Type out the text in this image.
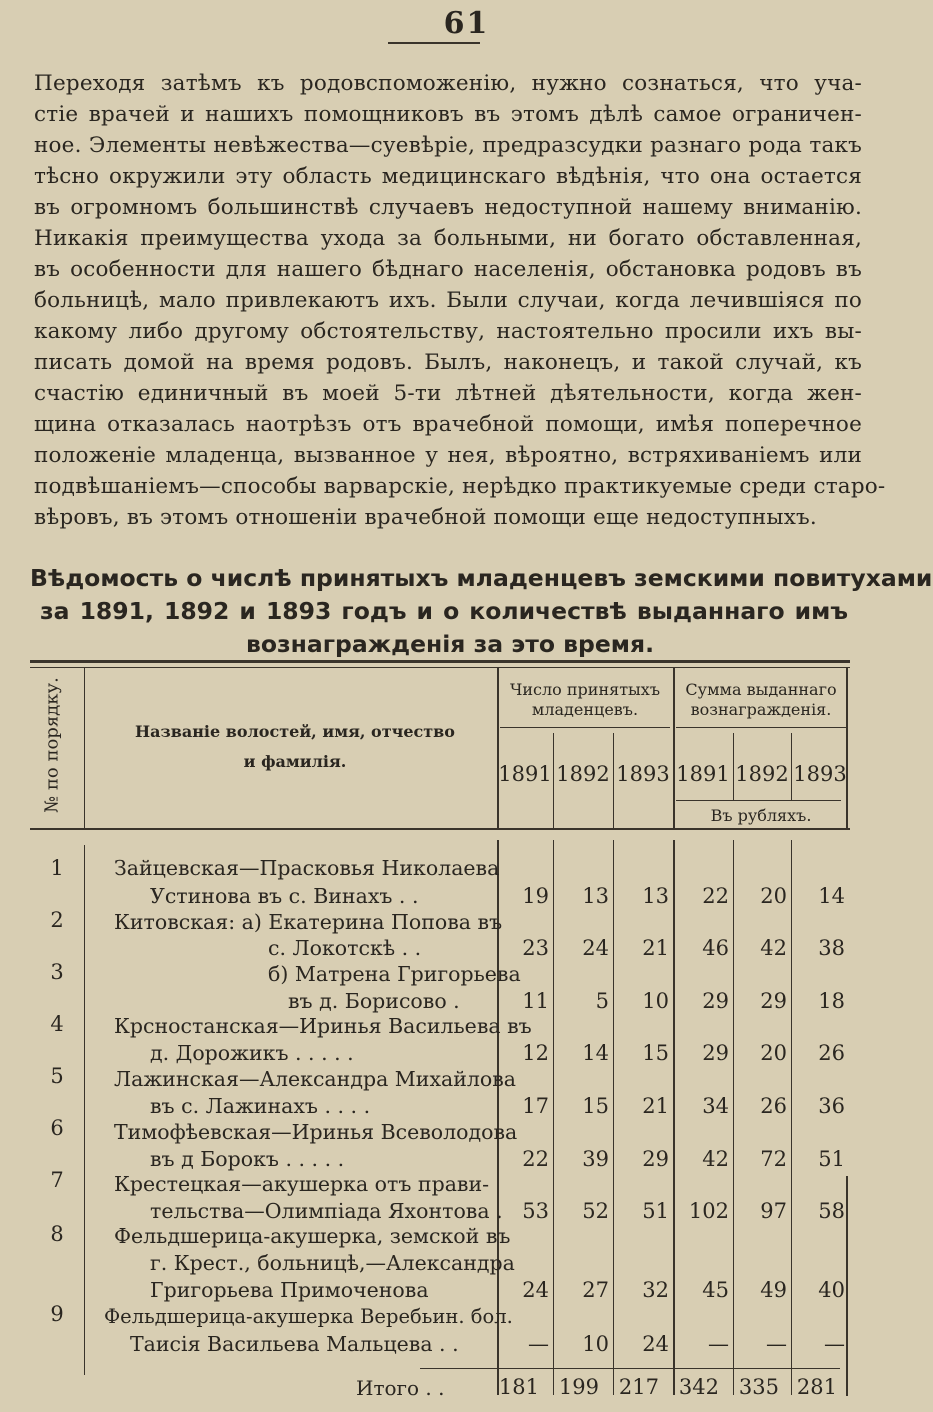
61
Переходя затѣмъ къ родовспоможенію, нужно сознаться, что уча-
стіе врачей и нашихъ помощниковъ въ этомъ дѣлѣ самое ограничен-
ное. Элементы невѣжества—суевѣріе, предразсудки разнаго рода такъ
тѣсно окружили эту область медицинскаго вѣдѣнія, что она остается
въ огромномъ большинствѣ случаевъ недоступной нашему вниманію.
Никакія преимущества ухода за больными, ни богато обставленная,
въ особенности для нашего бѣднаго населенія, обстановка родовъ въ
больницѣ, мало привлекаютъ ихъ. Были случаи, когда лечившіяся по
какому либо другому обстоятельству, настоятельно просили ихъ вы-
писать домой на время родовъ. Былъ, наконецъ, и такой случай, къ
счастію единичный въ моей 5-ти лѣтней дѣятельности, когда жен-
щина отказалась наотрѣзъ отъ врачебной помощи, имѣя поперечное
положеніе младенца, вызванное у нея, вѣроятно, встряхиваніемъ или
подвѣшаніемъ—способы варварскіе, нерѣдко практикуемые среди старо-
вѣровъ, въ этомъ отношеніи врачебной помощи еще недоступныхъ.
Вѣдомость о числѣ принятыхъ младенцевъ земскими повитухами
за 1891, 1892 и 1893 годъ и о количествѣ выданнаго имъ
вознагражденія за это время.
№ по порядку.	Названіе волостей, имя, отчество
и фамилія.
Число принятыхъ
младенцевъ.
Сумма выданнаго
вознагражденія.
1891 1892 1893 1891 1892 1893
Въ рубляхъ.
1	Зайцевская—Прасковья Николаева
Устинова въ с. Винахъ . .	19	13	13	22	20	14
2	Китовская: а) Екатерина Попова въ
с. Локотскѣ . .	23	24	21	46	42	38
3	б) Матрена Григорьева
въ д. Борисово .	11	5	10	29	29	18
4	Крсностанская—Иринья Васильева въ
д. Дорожикъ . . . . .	12	14	15	29	20	26
5	Лажинская—Александра Михайлова
въ с. Лажинахъ . . . .	17	15	21	34	26	36
6	Тимофѣевская—Иринья Всеволодова
въ д Борокъ . . . . .	22	39	29	42	72	51
7	Крестецкая—акушерка отъ прави-
тельства—Олимпіада Яхонтова . 53	52	51 102	97	58
8	Фельдшерица-акушерка, земской въ
г. Крест., больницѣ,—Александра
Григорьева Примоченова	24	27	32	45	49	40
9	Фельдшерица-акушерка Веребьин. бол.
Таисія Васильева Мальцева . .	—	10	24	—	—	—
Итого . .	181 199 217 342 335 281
